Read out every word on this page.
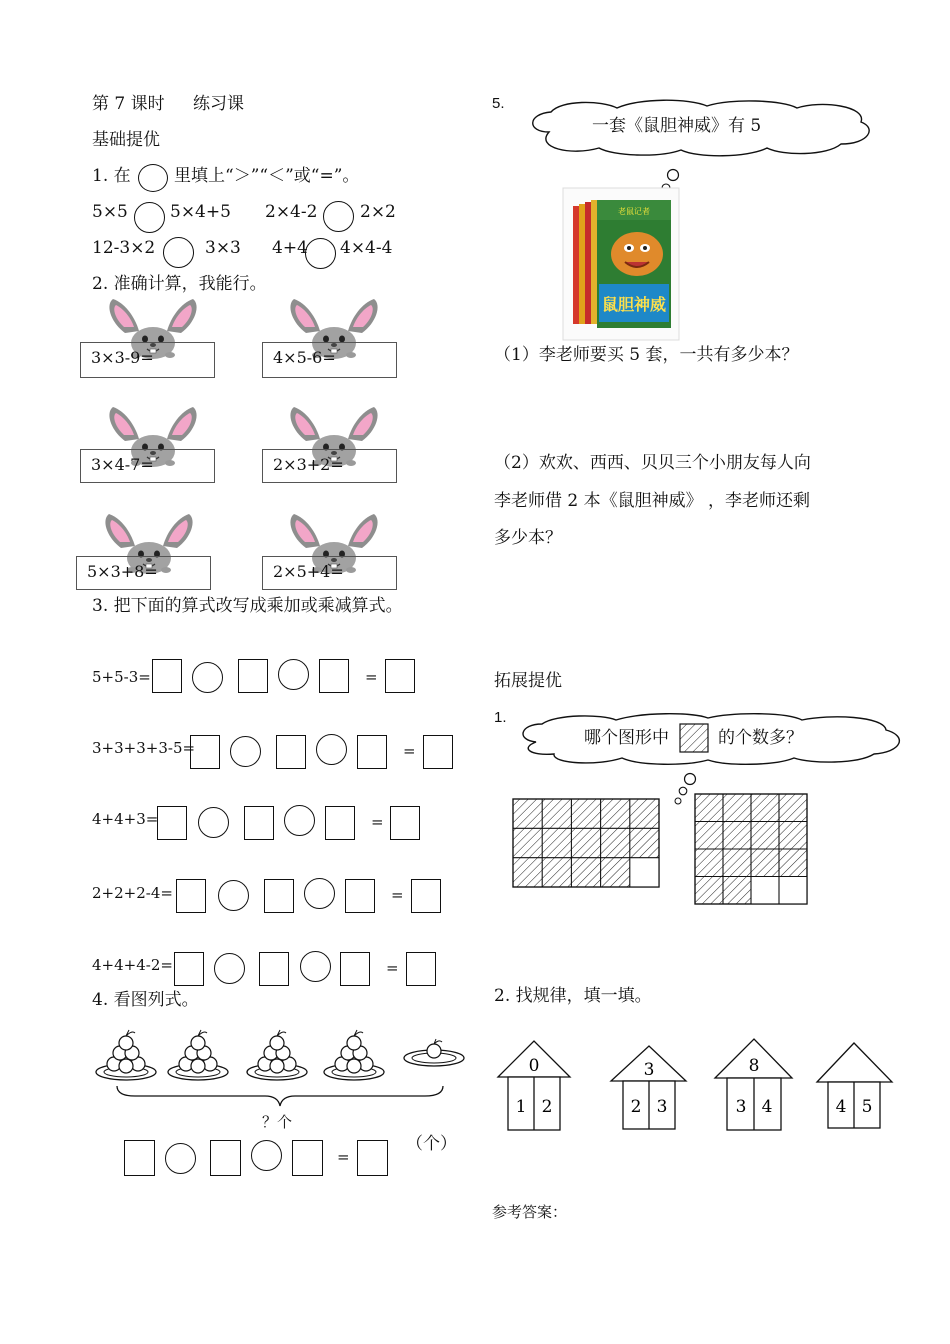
第 7 课时 练习课
基础提优
1. 在	里填上“＞”“＜”或“=”。
5×5 5×4+5 2×4-2	2×2
12-3×2	3×3 4+4 4×4-4
2. 准确计算，我能行。
3×3-9=	4×5-6=
3×4-7=	2×3+2=
5×3+8=	2×5+4=
3. 把下面的算式改写成乘加或乘减算式。
5+5-3=	=
3+3+3+3-5=	=
4+4+3=	=
2+2+2-4=	=
4+4+4-2=	=
4. 看图列式。
？个
=
（个）
5.
一套《鼠胆神威》有 5
鼠胆神威
老鼠记者
（1）李老师要买 5 套，一共有多少本？
（2）欢欢、西西、贝贝三个小朋友每人向
李老师借 2 本《鼠胆神威》 ，李老师还剩
多少本？
拓展提优
1.
哪个图形中	的个数多？
2. 找规律，填一填。
0
1 2
3
2 3
8
3 4	4 5
参考答案：
